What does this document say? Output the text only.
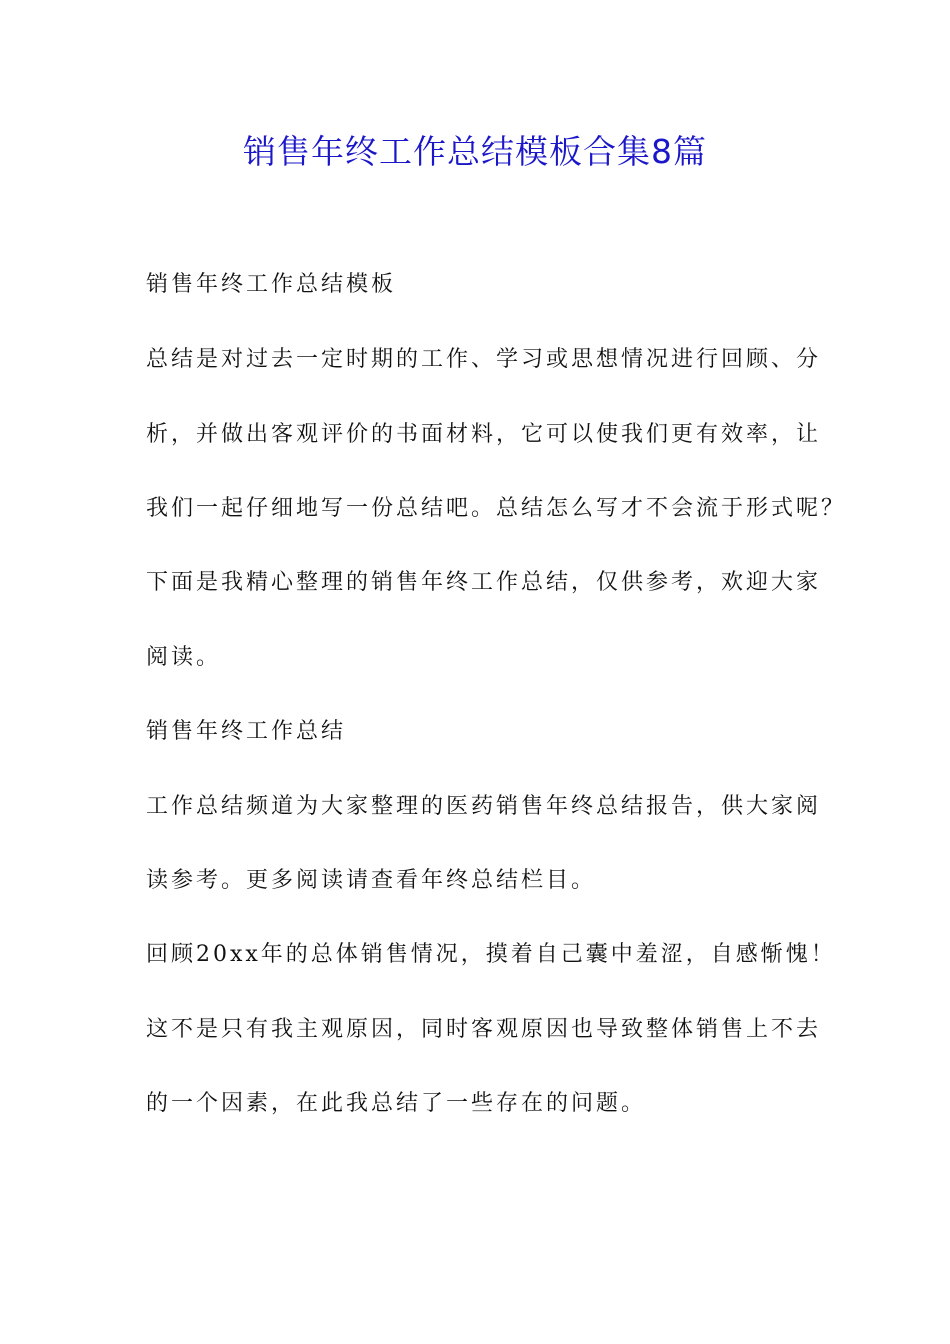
销售年终工作总结模板合集8篇
销售年终工作总结模板
总结是对过去一定时期的工作、学习或思想情况进行回顾、分
析，并做出客观评价的书面材料，它可以使我们更有效率，让
我们一起仔细地写一份总结吧。总结怎么写才不会流于形式呢？
下面是我精心整理的销售年终工作总结，仅供参考，欢迎大家
阅读。
销售年终工作总结
工作总结频道为大家整理的医药销售年终总结报告，供大家阅
读参考。更多阅读请查看年终总结栏目。
回顾20xx年的总体销售情况，摸着自己囊中羞涩，自感惭愧！
这不是只有我主观原因，同时客观原因也导致整体销售上不去
的一个因素，在此我总结了一些存在的问题。
